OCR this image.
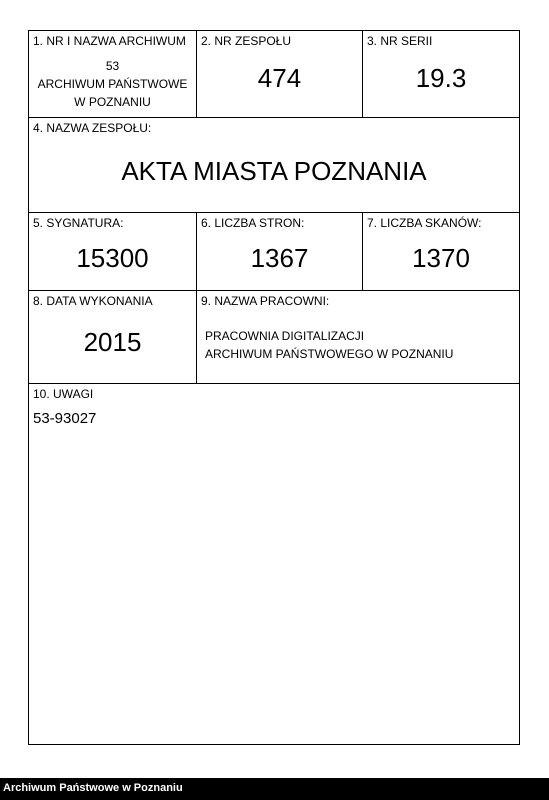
1. NR I NAZWA ARCHIWUM
53
ARCHIWUM PAŃSTWOWE
W POZNANIU
2. NR ZESPOŁU
474
3. NR SERII
19.3
4. NAZWA ZESPOŁU:
AKTA MIASTA POZNANIA
5. SYGNATURA:
15300
6. LICZBA STRON:
1367
7. LICZBA SKANÓW:
1370
8. DATA WYKONANIA
2015
9. NAZWA PRACOWNI:
PRACOWNIA DIGITALIZACJI
ARCHIWUM PAŃSTWOWEGO W POZNANIU
10. UWAGI
53-93027
Archiwum Państwowe w Poznaniu
